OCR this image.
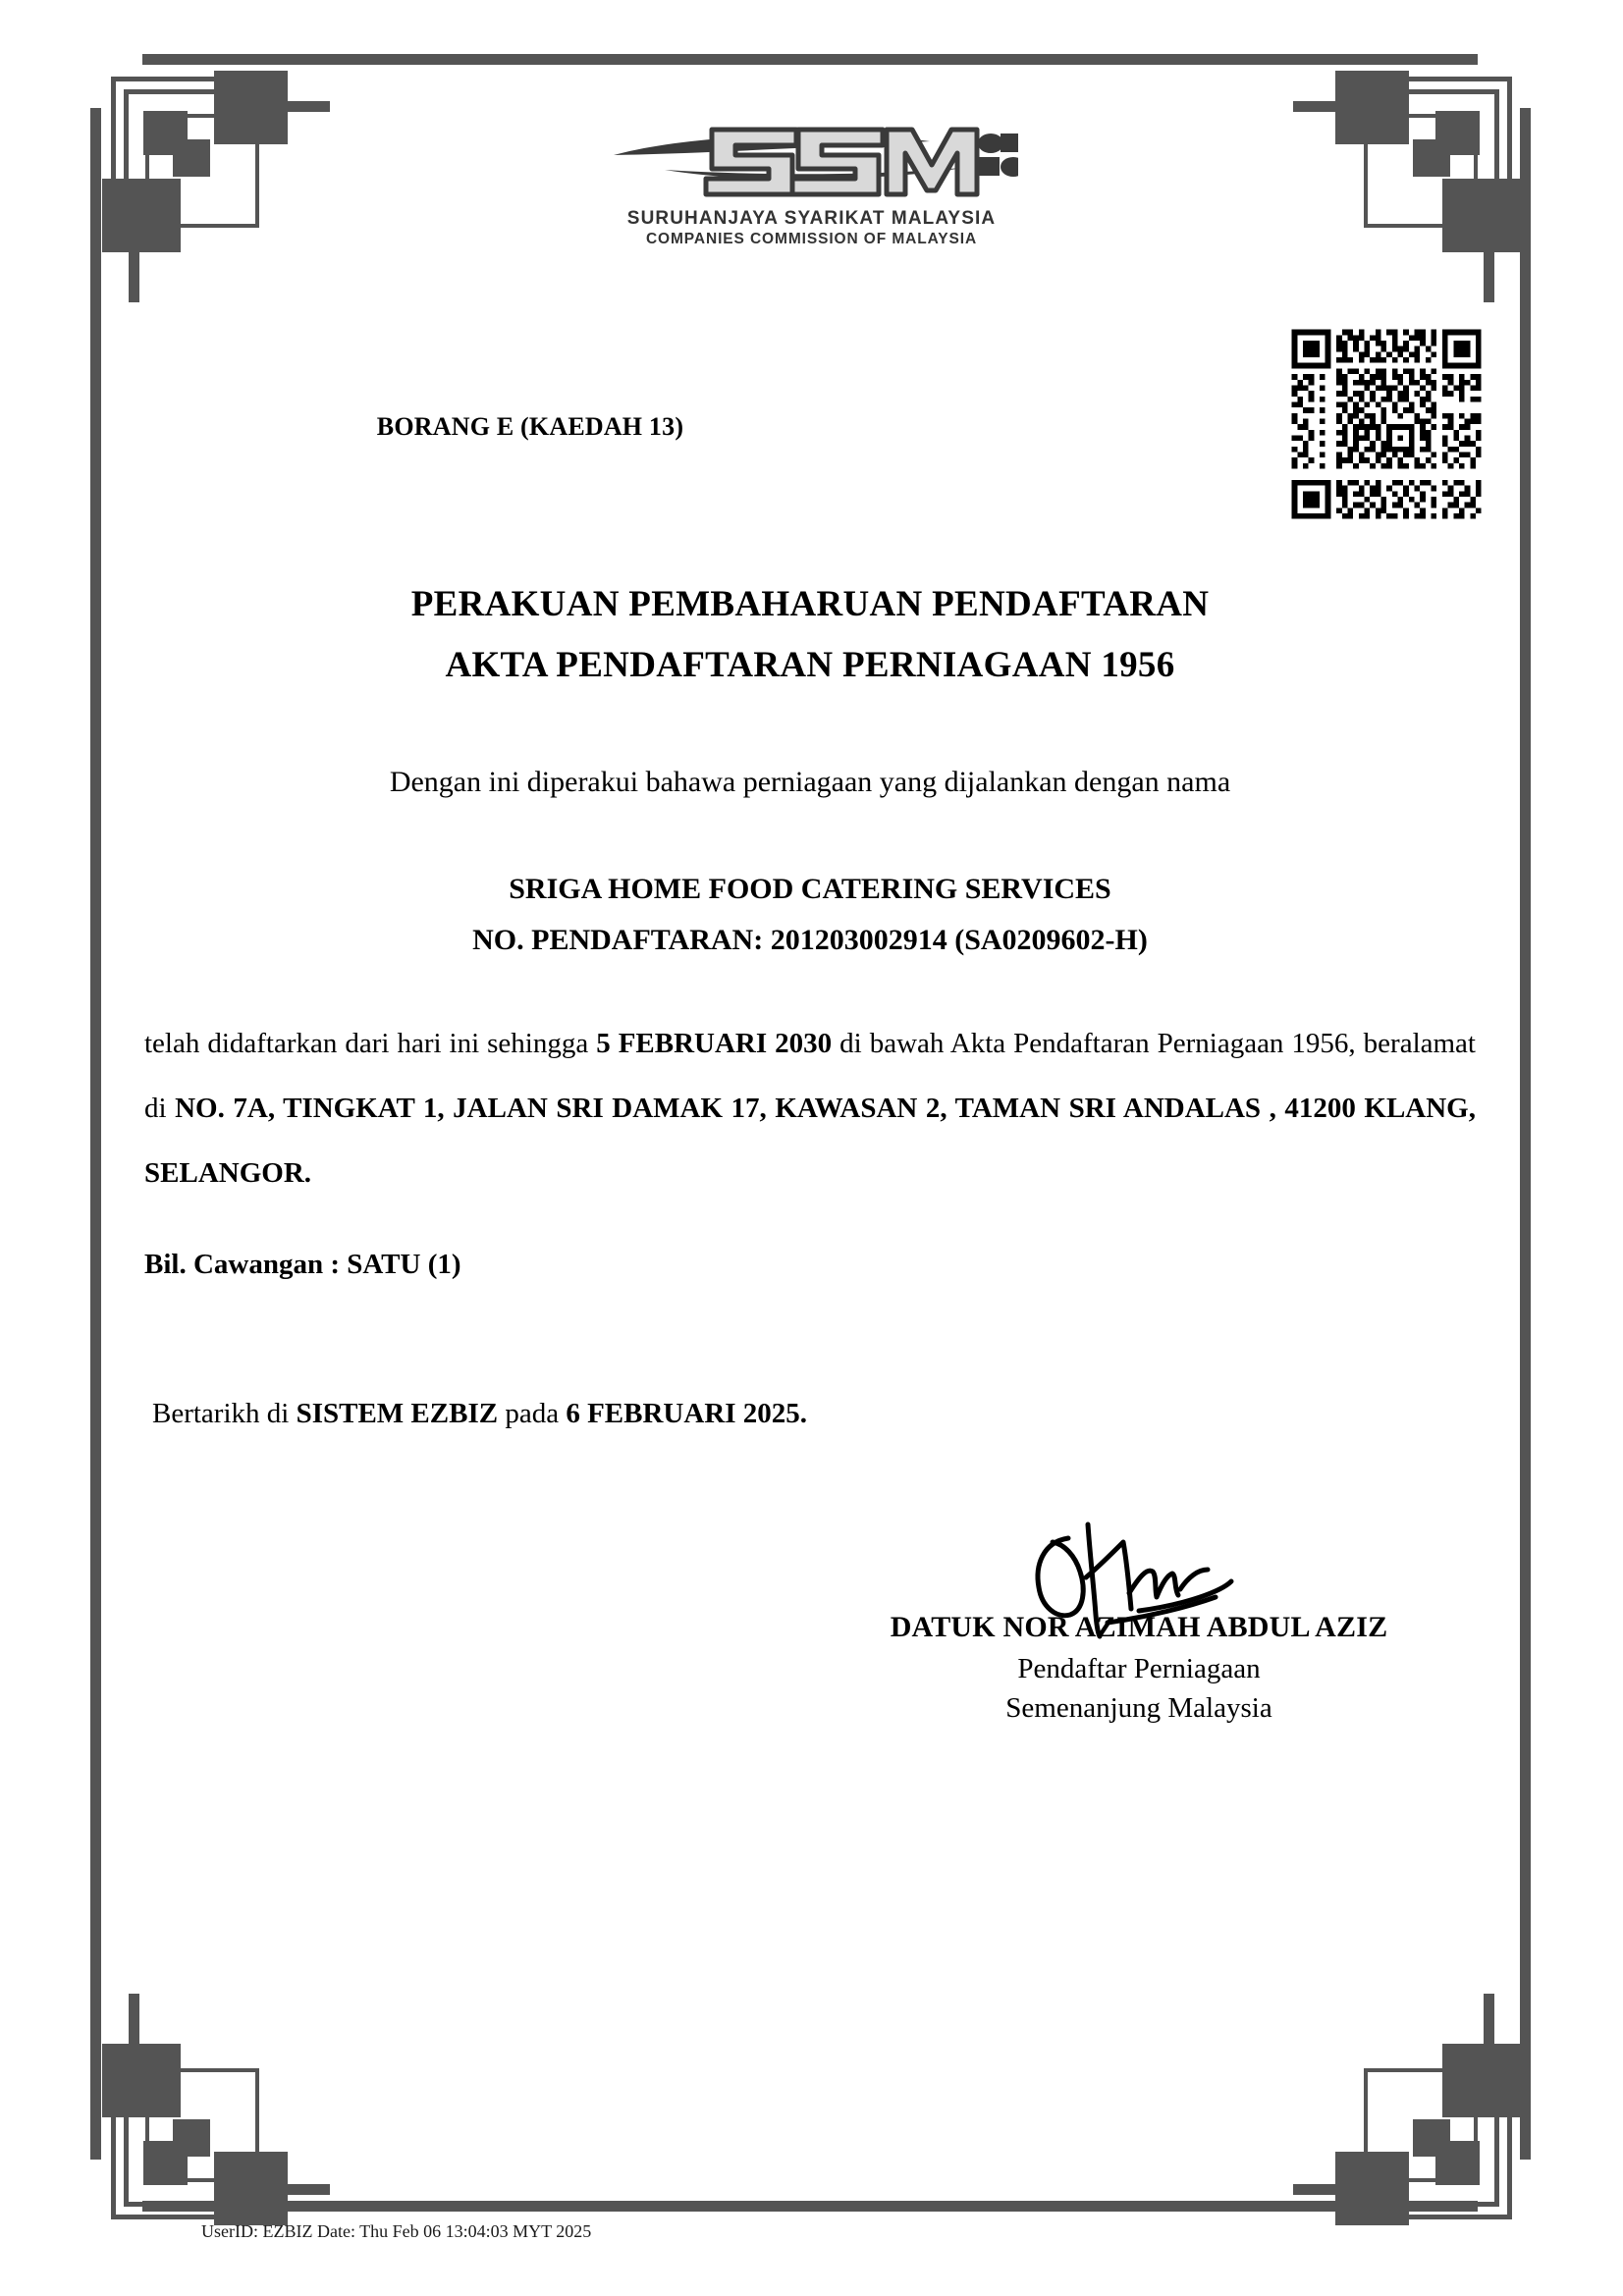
SURUHANJAYA SYARIKAT MALAYSIA
COMPANIES COMMISSION OF MALAYSIA
BORANG E (KAEDAH 13)
PERAKUAN PEMBAHARUAN PENDAFTARAN
AKTA PENDAFTARAN PERNIAGAAN 1956
Dengan ini diperakui bahawa perniagaan yang dijalankan dengan nama
SRIGA HOME FOOD CATERING SERVICES
NO. PENDAFTARAN: 201203002914 (SA0209602-H)
telah didaftarkan dari hari ini sehingga 5 FEBRUARI 2030 di bawah Akta Pendaftaran Perniagaan 1956, beralamat di NO. 7A, TINGKAT 1, JALAN SRI DAMAK 17, KAWASAN 2, TAMAN SRI ANDALAS , 41200 KLANG, SELANGOR.
Bil. Cawangan : SATU (1)
Bertarikh di SISTEM EZBIZ pada 6 FEBRUARI 2025.
DATUK NOR AZIMAH ABDUL AZIZ
Pendaftar Perniagaan
Semenanjung Malaysia
UserID: EZBIZ Date: Thu Feb 06 13:04:03 MYT 2025
